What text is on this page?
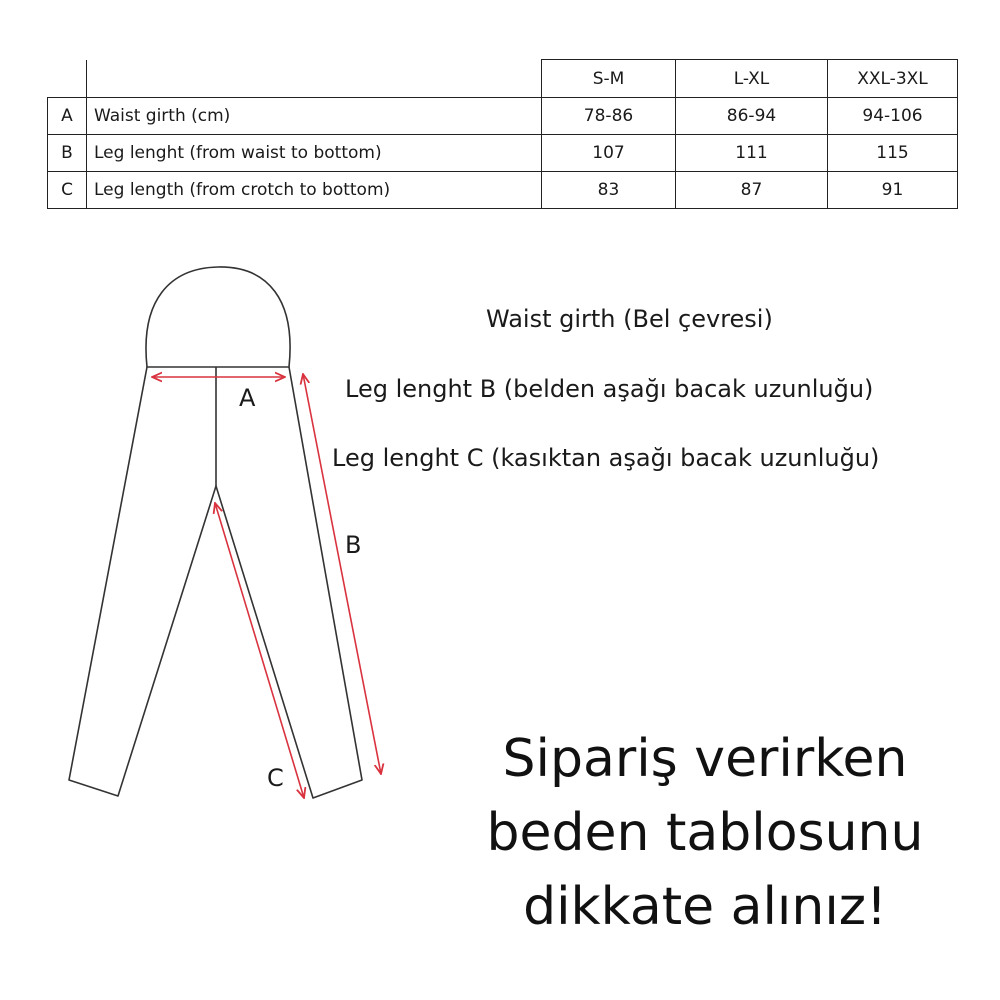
		S-M	L-XL	XXL-3XL
A	Waist girth (cm)	78-86	86-94	94-106
B	Leg lenght (from waist to bottom)	107	111	115
C	Leg length (from crotch to bottom)	83	87	91
A
B
C
Waist girth (Bel çevresi)
Leg lenght B (belden aşağı bacak uzunluğu)
Leg lenght C (kasıktan aşağı bacak uzunluğu)
Sipariş verirken
beden tablosunu
dikkate alınız!
